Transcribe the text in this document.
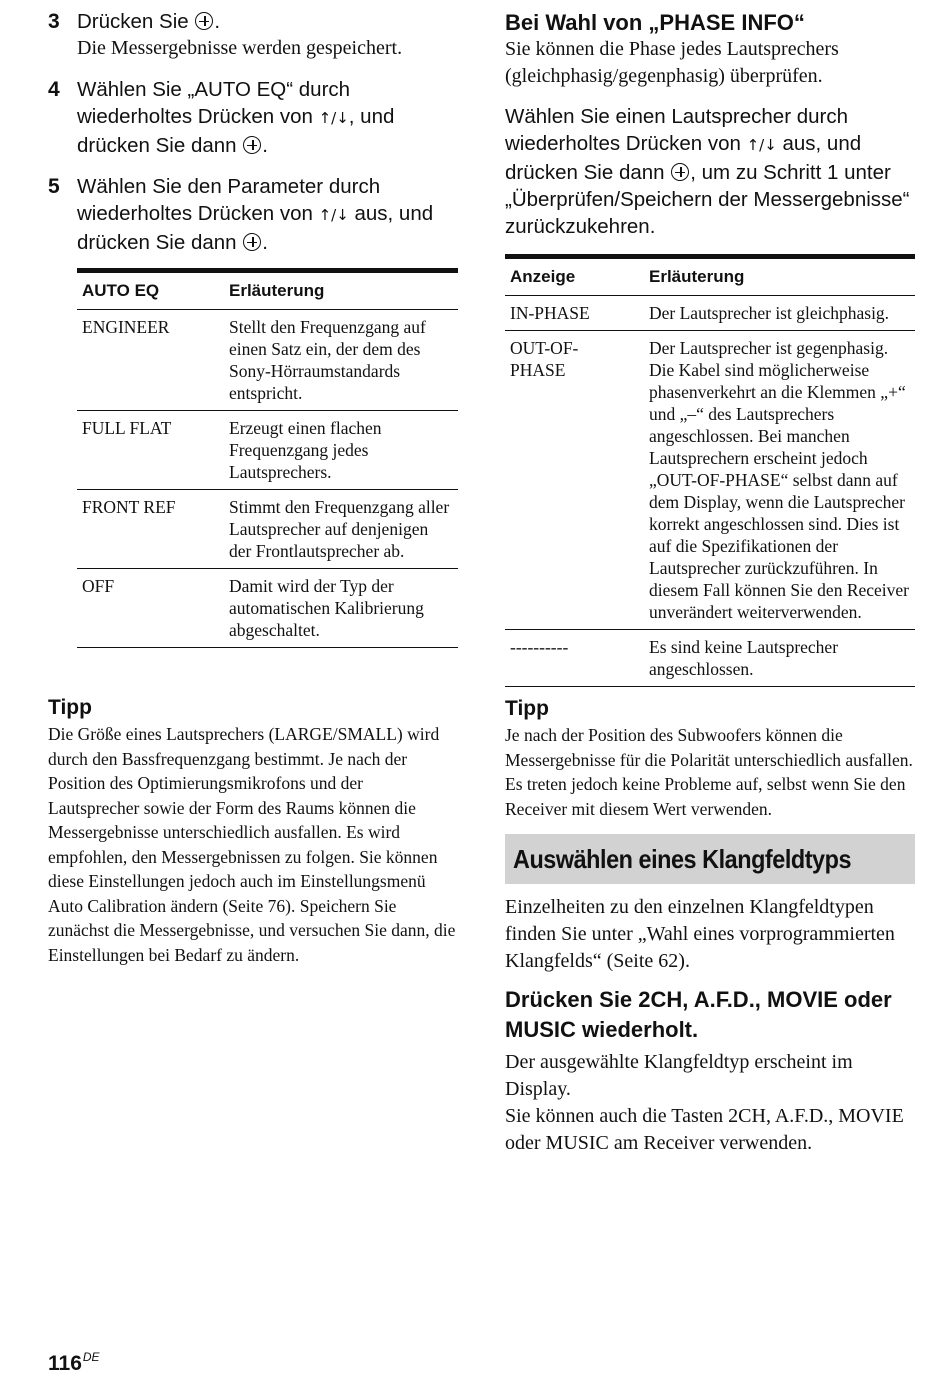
3 Drücken Sie .
Die Messergebnisse werden gespeichert.
4 Wählen Sie „AUTO EQ“ durch wiederholtes Drücken von ↑/↓, und drücken Sie dann .
5 Wählen Sie den Parameter durch wiederholtes Drücken von ↑/↓ aus, und drücken Sie dann .
AUTO EQ	Erläuterung
ENGINEER	Stellt den Frequenzgang auf einen Satz ein, der dem des Sony-Hörraumstandards entspricht.
FULL FLAT	Erzeugt einen flachen Frequenzgang jedes Lautsprechers.
FRONT REF	Stimmt den Frequenzgang aller Lautsprecher auf denjenigen der Frontlautsprecher ab.
OFF	Damit wird der Typ der automatischen Kalibrierung abgeschaltet.

Tipp

Die Größe eines Lautsprechers (LARGE/SMALL) wird durch den Bassfrequenzgang bestimmt. Je nach der Position des Optimierungsmikrofons und der Lautsprecher sowie der Form des Raums können die Messergebnisse unterschiedlich ausfallen. Es wird empfohlen, den Messergebnissen zu folgen. Sie können diese Einstellungen jedoch auch im Einstellungsmenü Auto Calibration ändern (Seite 76). Speichern Sie zunächst die Messergebnisse, und versuchen Sie dann, die Einstellungen bei Bedarf zu ändern.

Bei Wahl von „PHASE INFO“

Sie können die Phase jedes Lautsprechers (gleichphasig/gegenphasig) überprüfen.

Wählen Sie einen Lautsprecher durch wiederholtes Drücken von ↑/↓ aus, und drücken Sie dann , um zu Schritt 1 unter „Überprüfen/Speichern der Messergebnisse“ zurückzukehren.

Anzeige	Erläuterung
IN-PHASE	Der Lautsprecher ist gleichphasig.
OUT-OF-PHASE	Der Lautsprecher ist gegenphasig. Die Kabel sind möglicherweise phasenverkehrt an die Klemmen „+“ und „–“ des Lautsprechers angeschlossen. Bei manchen Lautsprechern erscheint jedoch „OUT-OF-PHASE“ selbst dann auf dem Display, wenn die Lautsprecher korrekt angeschlossen sind. Dies ist auf die Spezifikationen der Lautsprecher zurückzuführen. In diesem Fall können Sie den Receiver unverändert weiterverwenden.
----------	Es sind keine Lautsprecher angeschlossen.

Tipp

Je nach der Position des Subwoofers können die Messergebnisse für die Polarität unterschiedlich ausfallen. Es treten jedoch keine Probleme auf, selbst wenn Sie den Receiver mit diesem Wert verwenden.

Auswählen eines Klangfeldtyps

Einzelheiten zu den einzelnen Klangfeldtypen finden Sie unter „Wahl eines vorprogrammierten Klangfelds“ (Seite 62).

Drücken Sie 2CH, A.F.D., MOVIE oder MUSIC wiederholt.

Der ausgewählte Klangfeldtyp erscheint im Display.

Sie können auch die Tasten 2CH, A.F.D., MOVIE oder MUSIC am Receiver verwenden.

116DE
